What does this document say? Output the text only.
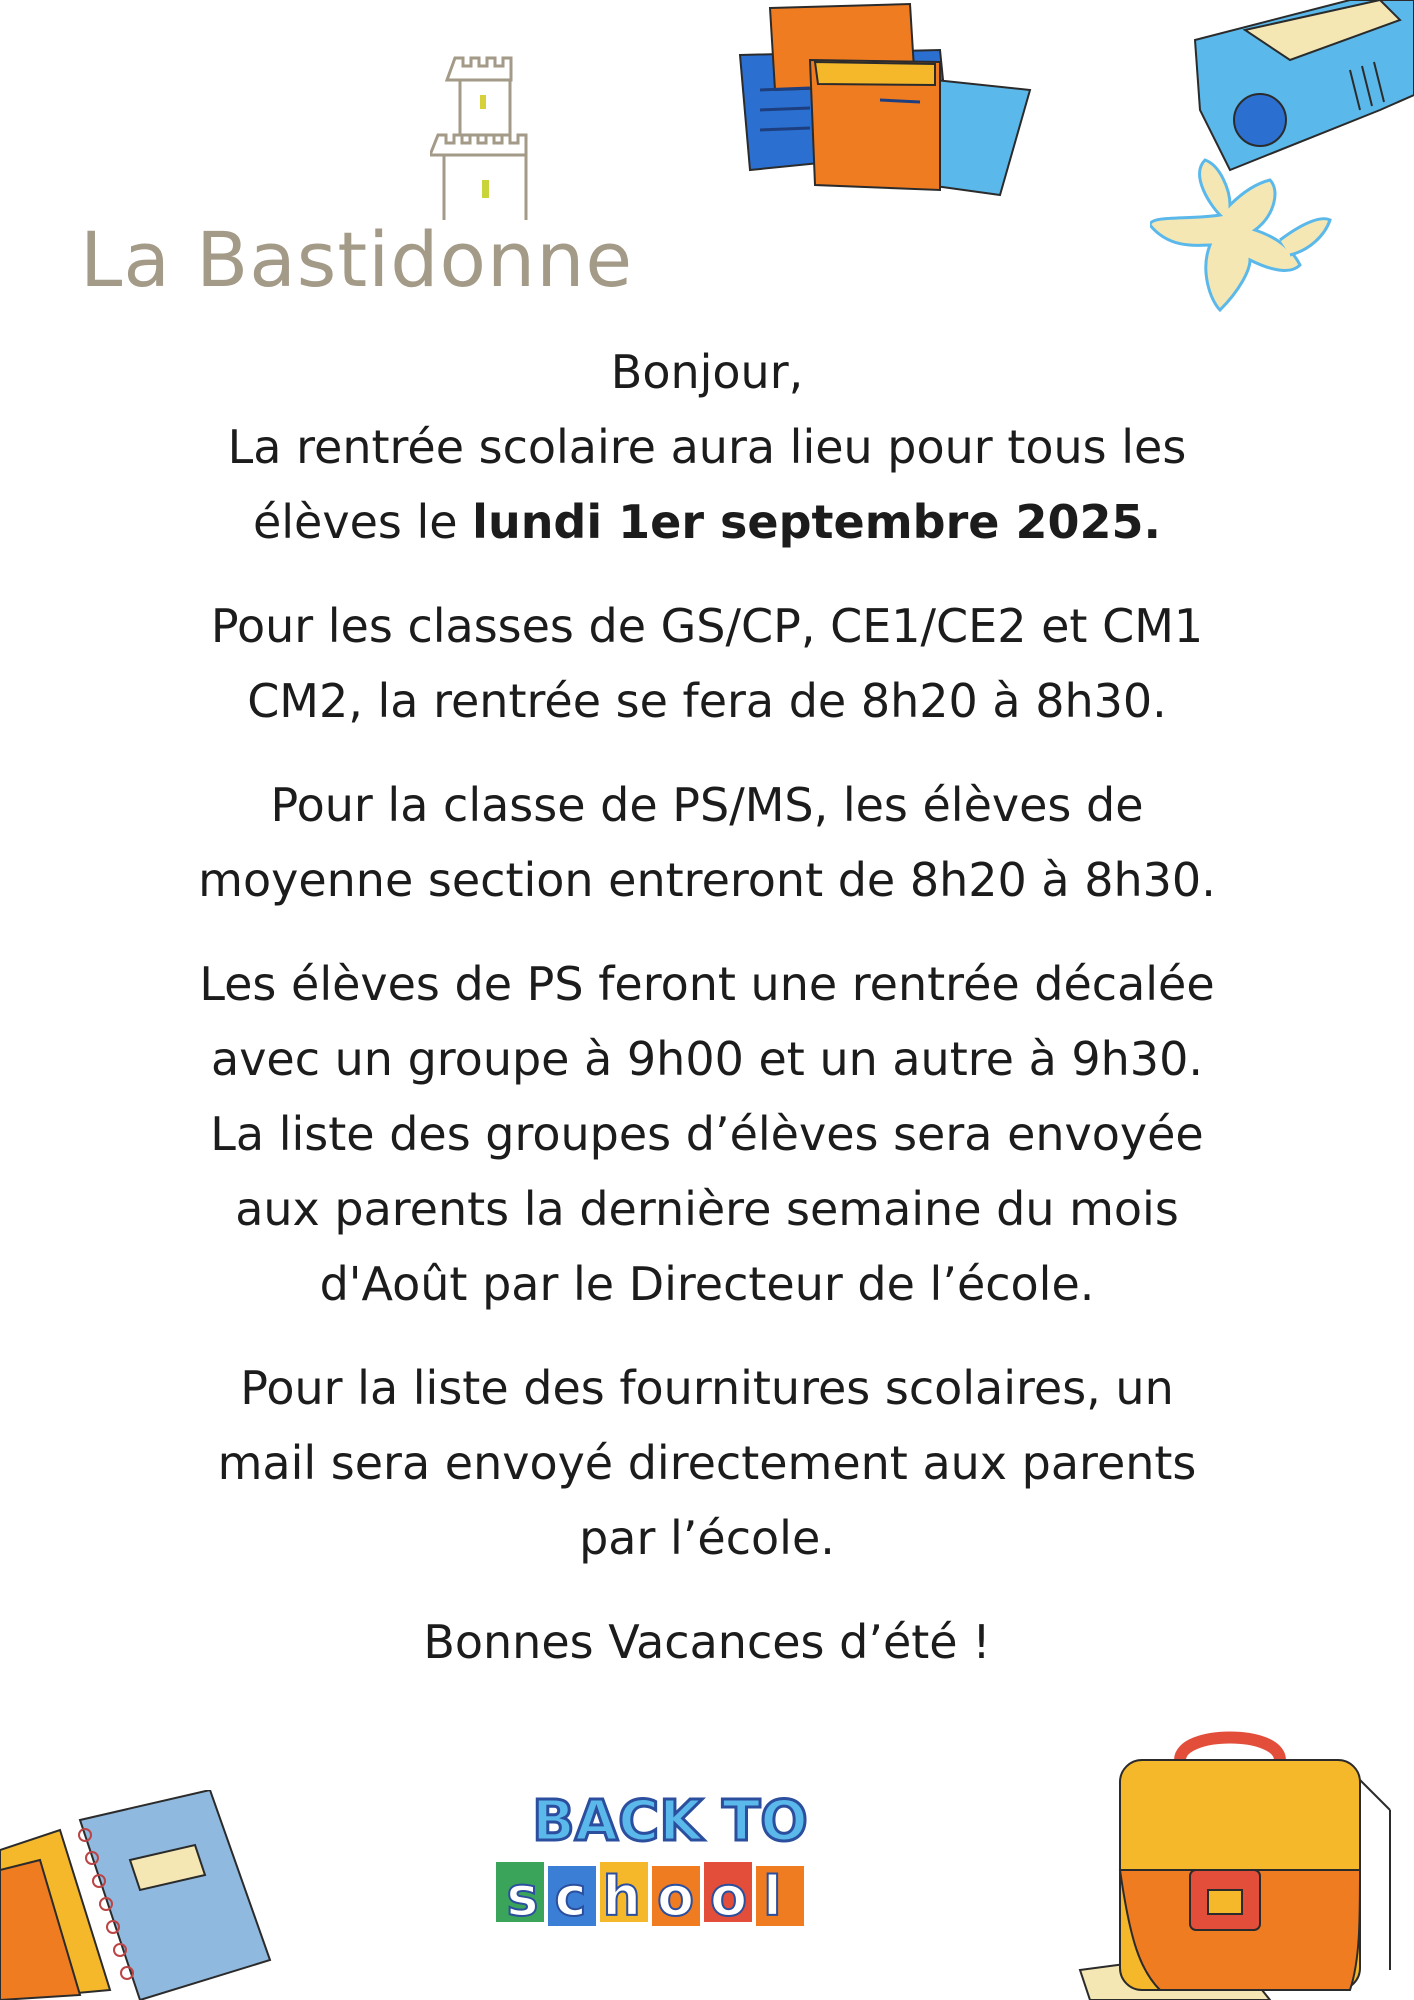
La Bastidonne

Bonjour,
La rentrée scolaire aura lieu pour tous les
élèves le lundi 1er septembre 2025.

Pour les classes de GS/CP, CE1/CE2 et CM1
CM2, la rentrée se fera de 8h20 à 8h30.

Pour la classe de PS/MS, les élèves de
moyenne section entreront de 8h20 à 8h30.

Les élèves de PS feront une rentrée décalée
avec un groupe à 9h00 et un autre à 9h30.
La liste des groupes d’élèves sera envoyée
aux parents la dernière semaine du mois
d'Août par le Directeur de l’école.

Pour la liste des fournitures scolaires, un
mail sera envoyé directement aux parents
par l’école.

Bonnes Vacances d’été !

BACK TO
school
